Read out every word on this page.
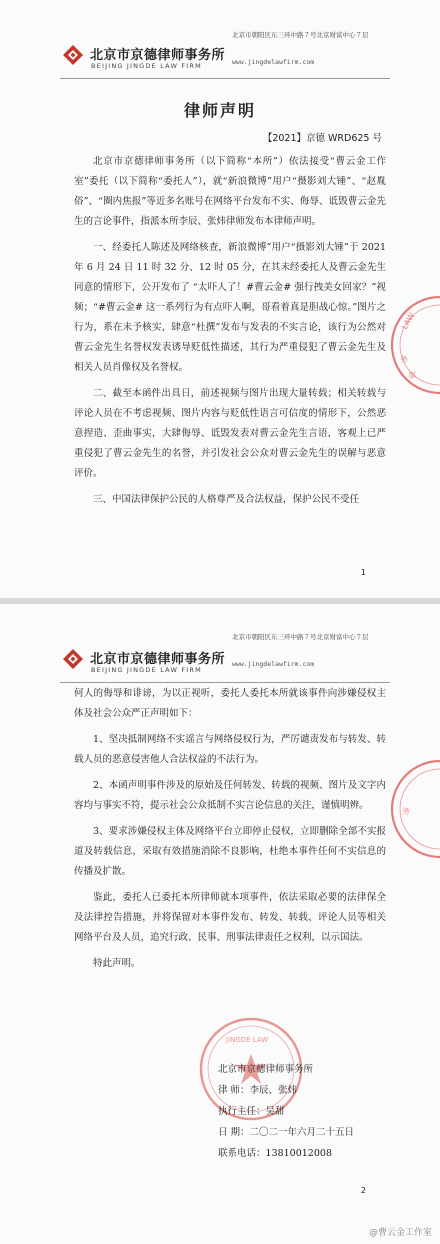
北京市京德律师事务所
BEIJING JINGDE LAW FIRM
北京市朝阳区东三环中路７号北京财富中心７层
www.jingdelawfirm.com
律师声明
【2021】京德 WRD625 号

北京市京德律师事务所（以下简称“本所”）依法接受“曹云金工作室”委托（以下简称“委托人”），就“新浪微博”用户“摄影刘大锤”、“赵胤俗”、“圈内焦报”等近多名账号在网络平台发布不实、侮辱、诋毁曹云金先生的言论事件，指派本所李辰、张炜律师发布本律师声明。

一、经委托人陈述及网络核查，新浪微博”用户“摄影刘大锤”于 2021 年 6 月 24 日 11 时 32 分、12 时 05 分，在其未经委托人及曹云金先生同意的情形下，公开发布了 “太吓人了！#曹云金# 强行拽美女回家？”视频；“#曹云金# 这一系列行为有点吓人啊，哥看着真是胆战心惊。”图片之行为，系在未予核实，肆意“杜撰”发布与发表的不实言论，该行为公然对曹云金先生名誉权发表诱导贬低性描述，其行为严重侵犯了曹云金先生及相关人员肖像权及名誉权。

二、截至本函件出具日，前述视频与图片出现大量转载；相关转载与评论人员在不考虑视频、图片内容与贬低性语言可信度的情形下，公然恶意捏造、歪曲事实，大肆侮辱、诋毁发表对曹云金先生言语，客观上已严重侵犯了曹云金先生的名誉，并引发社会公众对曹云金先生的误解与恶意评价。

三、中国法律保护公民的人格尊严及合法权益，保护公民不受任

LAW
务
事
1
北京市京德律师事务所
BEIJING JINGDE LAW FIRM
北京市朝阳区东三环中路７号北京财富中心７层
www.jingdelawfirm.com

何人的侮辱和诽谤，为以正视听，委托人委托本所就该事件向涉嫌侵权主体及社会公众严正声明如下：

1、坚决抵制网络不实谣言与网络侵权行为，严厉谴责发布与转发、转载人员的恶意侵害他人合法权益的不法行为。

2、本函声明事件涉及的原始及任何转发、转载的视频、图片及文字内容均与事实不符，提示社会公众抵制不实言论信息的关注，谨慎明辨。

3、要求涉嫌侵权主体及网络平台立即停止侵权，立即删除全部不实报道及转载信息，采取有效措施消除不良影响，杜绝本事件任何不实信息的传播及扩散。

鉴此，委托人已委托本所律师就本项事件，依法采取必要的法律保全及法律控告措施，并将保留对本事件发布、转发、转载、评论人员等相关网络平台及人员，追究行政、民事、刑事法律责任之权利，以示国法。

特此声明。

务
JINGDE LAW
北京市京德律师事务所
律 师：李辰、张炜
执行主任：吴甜
日 期：二〇二一年六月二十五日
联系电话：13810012008
2
@曹云金工作室
